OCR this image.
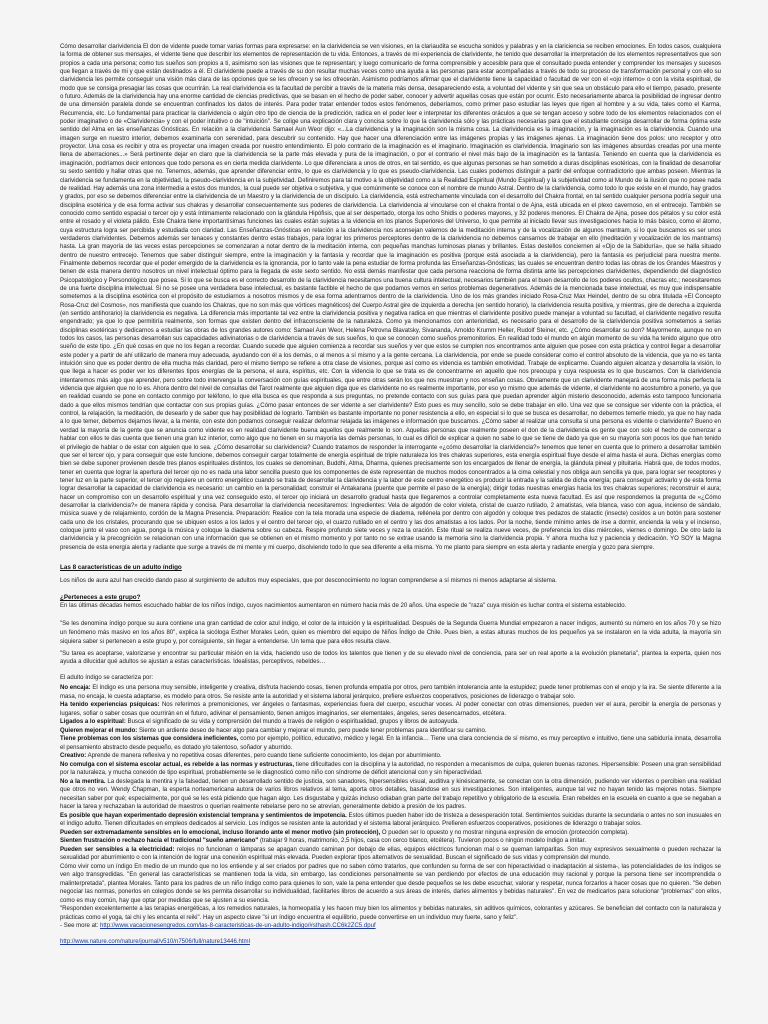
Cómo desarrollar clarividencia El don de vidente puede tomar varias formas para expresarse: en la clarividencia se ven visiones, en la clariaudita se escucha sonidos y palabras y en la clariciencia se reciben emociones. En todos casos, cualquiera la forma de obtener sus mensajes, el vidente tiene que describir los elementos de representación de tu vida. Entonces, a través de mi experiencia de clarividente, he tenido que desarrollar la interpretación de los elementos representativos que son propios a cada una persona; como tus sueños son propios a ti, asimismo son las visiones que te representan; y luego comunicarlo de forma comprensible y accesible para que el consultado pueda entender y comprender los mensajes y sucesos que llegan a través de mi y que están destinados a él. El clarividente puede a través de su don resultar muchas veces como una ayuda a las personas para estar acompañadas a través de todo su proceso de transformación personal y con ello su clarividencia les permite conseguir una visión más clara de las opciones que se les ofrecen y se les ofrecerán. Asimismo podríamos afirmar que el clarividente tiene la capacidad o facultad de ver con el «ojo interno» o con la visita espiritual, de modo que se consiga presagiar las cosas que ocurrirán. La real clarividencia es la facultad de percibir a través de la materia más densa, desapareciendo esta, a voluntad del vidente y sin que sea un obstáculo para ello el tiempo, pasado, presente o futuro. Además de la clarividencia hay una enorme cantidad de ciencias predictivas, que se basan en el hecho de poder saber, conocer y advertir aquellas cosas que están por ocurrir. Esto necesariamente abarca la posibilidad de ingresar dentro de una dimensión paralela donde se encuentran confinados los datos de interés. Para poder tratar entender todos estos fenómenos, deberíamos, como primer paso estudiar las leyes que rigen al hombre y a su vida, tales como el Karma, Recurrencia, etc. Lo fundamental para practicar la clarividencia o algún otro tipo de ciencia de la predicción, radica en el poder leer e interpretar los diferentes oráculos a que se tengan acceso y sobre todo de los elementos relacionados con el poder imaginativo o de «Clarividencia» y con el poder intuitivo o de "intuición". Se colige una explicación clara y concisa sobre lo que la clarividencia sólo y las prácticas necesarias para que el estudiante consiga desarrollar de forma óptima este sentido del Alma en las enseñanzas Gnósticas. En relación a la clarividencia Samael Aun Weor dijo: «...La clarividencia y la imaginación son la misma cosa. La clarividencia es la imaginación, y la imaginación es la clarividencia. Cuando una imagen surge en nuestro interior, debemos examinarla con serenidad, para descubrir su contenido. Hay que hacer una diferenciación entre las imágenes propias y las imágenes ajenas. La imaginación tiene dos polos: uno receptor y otro proyector. Una cosa es recibir y otra es proyectar una imagen creada por nuestro entendimiento. El polo contrario de la imaginación es el imaginario. Imaginación es clarividencia. Imaginario son las imágenes absurdas creadas por una mente llena de aberraciones...» Será pertinente dejar en claro que la clarividencia se la parte más elevada y pura de la imaginación, o por el contrario el nivel más bajo de la imaginación es la fantasía. Teniendo en cuenta que la clarividencia es imaginación, podríamos decir entonces que todo persona es en cierta medida clarividente. Lo que diferenciara a unos de otros, en tal sentido, es que algunas personas se han sometido a duras disciplinas esotéricas, con la finalidad de desarrollar su sexto sentido y hallar otras que no. Tenemos, además, que aprender diferenciar entre, lo que es clarividencia y lo que es pseudo-clarividencia. Las cuales podemos distinguir a partir del enfoque contradictorio que ambas poseen. Mientras la clarividencia se fundamenta en la objetividad, la pseudo-clarividencia en la subjetividad. Definiremos para tal motivo a la objetividad como a la Realidad Espiritual (Mundo Espiritual) y la subjetividad como al Mundo de la ilusión que no posee nada de realidad. Hay además una zona intermedia a estos dos mundos, la cual puede ser objetiva o subjetiva, y que comúnmente se conoce con el nombre de mundo Astral. Dentro de la clarividencia, como todo lo que existe en el mundo, hay grados y grados, por eso se debemos diferenciar entre la clarividencia de un Maestro y la clarividencia de un discípulo. La clarividencia, está estrechamente vinculada con el desarrollo del Chakra frontal, en tal sentido cualquier persona podría seguir una disciplina esotérica y de esa forma activar sus chakras y desarrollar consecuentemente sus poderes de clarividencia. La clarividencia al vincularse con el chakra frontal o de Ajna, está ubicada en el plexo cavernoso, en el entrecejo. También se conocido como sentido espacial o tercer ojo y está íntimamente relacionado con la glándula Hipófisis, que al ser despertado, otorga los ocho Shidis o poderes mayores, y 32 poderes menores. El Chakra de Ajna, posee dos pétalos y su color está entre el rosado y el violeta pálido. Este Chakra tiene importantísimas funciones las cuales están sujetas a la videncia en los planos Superiores del Universo, lo que permite al iniciado llevar sus investigaciones hacia lo más básico, como el átomo, cuya estructura logra ser percibida y estudiada con claridad. Las Enseñanzas-Gnósticas en relación a la clarividencia nos aconsejan valernos de la meditación interna y de la vocalización de algunos mantram, si lo que buscamos es ser unos verdaderos clarividentes. Debemos además ser tenaces y constantes dentro estas trabajos, para lograr los primeros perceptores dentro de la clarividencia no debemos cansarnos de trabajar en ello (meditación y vocalización de los mantrams) hasta. La gran mayoría de las veces estas percepciones se comenzaran a notar dentro de la meditación interna, con pequeñas manchas luminosas planas y brillantes. Estas destellos conciernen al «Ojo de la Sabiduría», que se halla situado dentro de nuestro entrecejo. Tenemos que saber distinguir siempre, entre la imaginación y la fantasía y recordar que la imaginación es positiva (porque está asociada a la clarividencia), pero la fantasía es perjudicial para nuestra mente. Finalmente debemos recordar que el poder emergido de la clarividencia es la ignorancia, por lo tanto vale la pena estudiar de forma profunda las Enseñanzas-Gnósticas; las cuales se encuentran dentro todas las obras de los Grandes Maestros y tienen de esta manera dentro nosotros un nivel intelectual óptimo para la llegada de este sexto sentido. No está demás manifestar que cada persona reacciona de forma distinta ante las percepciones clarividentes, dependiendo del diagnóstico Psicopatológico y Personológico que posea. Si lo que se busca es el correcto desarrollo de la clarividencia necesitamos una buena cultura intelectual, necesarios también para el buen desarrollo de los poderes ocultos, chacras etc.; necesitaremos de una fuerte disciplina intelectual. Si no se posee una verdadera base intelectual, es bastante factible el hecho de que podamos vernos en serios problemas degenerativos. Además de la mencionada base intelectual, es muy que indispensable sometemos a la disciplina esotérica con el propósito de estudiarnos a nosotros mismos y de esa forma adentrarnos dentro de la clarividencia. Uno de los más grandes iniciado Rosa-Cruz Max Heindel, dentro de su obra titulada «El Concepto Rosa-Cruz del Cosmos», nos manifiesta que cuando los Chakras, que no son más que vórtices magnéticos) del Cuerpo Astral gire de izquierda a derecha (en sentido horario), la clarividencia resulta positiva, y mientras, gire de derecha a izquierda (en sentido antihorario) la clarividencia es negativa. La diferencia más importante tal vez entre la clarividencia positiva y negativa radica en que mientras el clarividente positivo puede manejar a voluntad su facultad, el clarividente negativo resulta engendrado; ya que lo que permitiría realmente, son formas que existen dentro del infraconsciente de la naturaleza. Como ya mencionamos con anterioridad, es necesario para el desarrollo de la clarividencia positiva sometemos a serias disciplinas esotéricas y dedicarnos a estudiar las obras de los grandes autores como: Samael Aun Weor, Helena Petrovna Blavatsky, Sivananda, Arnoldo Krumm Heller, Rudolf Steiner, etc. ¿Cómo desarrollar su don? Mayormente, aunque no en todos los casos, las personas desarrollan sus capacidades adivinatorias o de clarividencia a través de sus sueños, lo que se conocen como sueños premonitorios. En realidad todo el mundo en algún momento de su vida ha tenido alguno que otro sueño de este tipo. ¿En qué cosas en que no los llegan a recordar. Cuando sucede que alguien comienza a recordar sus sueños y ver que estos se cumplen nos encontramos ante alguien que posee con esta práctica y control llegar a desarrollar este poder y a partir de ahí utilizarlo de manera muy adecuada, ayudando con él a los demás, o al menos a sí mismo y a la gente cercana. La clarividencia, por ende se puede considerar como el control absoluto de la videncia, que ya no es tanta intuición sino que es poder dentro de ella mucha más claridad, pero el mismo tiempo se refiere a otra clase de visiones, porque así como es videncia es también emotividad. Trabaje de explicarme. Cuando alguien alcanza y desarrolla la visión, lo que llega a hacer es poder ver los diferentes tipos energías de la persona, el aura, espíritus, etc. Con la videncia lo que se trata es de concentrarme en aquello que nos preocupa y cuya respuesta es lo que buscamos. Con la clarividencia intentaremos más algo que aprender, pero sobre todo intervenga la conversación con guías espirituales, que entre otras serán los que nos muestran y nos enseñan cosas. Obviamente que un clarividente manejará de una forma más perfecta la videncia que alguien que no lo es. Ahora dentro del nivel de consultas del Tarot realmente que alguien diga que es clarividente no es realmente importante, por eso yo mismo que además de vidente, el clarividente no acostumbro a ponerlo, ya que en realidad cuando se pone en contacto conmigo por teléfono, lo que ella busca es que responda a sus preguntas, no pretende contacto con sus guías para que puedan aprender algún misterio desconocido, además esto tampoco funcionaria dado a que ellos mismos tendrían que contactar con sus propias guías. ¿Cómo pasar entonces de ser vidente a ser clarividente? Esto pues es muy sencillo, solo se debe trabajar en ello. Una vez que se consigue ser vidente con la práctica, el control, la relajación, la meditación, de desearlo y de saber que hay posibilidad de lograrlo. También es bastante importante no poner resistencia a ello, en especial si lo que se busca es desarrollar, no debemos temerle miedo, ya que no hay nada a lo que temer, debemos dejarnos llevar, a la mente, con este don podamos conseguir realizar deformar relajada las imágenes e información que buscamos. ¿Cómo saber al realizar una consulta si una persona es vidente o clarividente? Bueno en verdad la mayoría de la gente que se anuncia como vidente es en realidad clarividente buena aquellos que realmente lo son. Aquellas personas que realmente poseen el don de la clarividencia es gente que con solo el hecho de comenzar a hablar con ellos te das cuenta que tienen una gran luz interior, como algo que no tienen en su mayoría las demás personas, lo cual es difícil de explicar a quien no sabe lo que se tiene de dado ya que en su mayoría son pocos los que han tenido el privilegio de hablar o de estar con alguien que lo sea. ¿Cómo desarrollar su clarividencia? Cuando tratamos de responder la interrogante «¿cómo desarrollar la clarividencia?» tenemos que tener en cuenta que lo primero a desarrollar también que ser el tercer ojo, y para conseguir que este funcione, debemos conseguir cargar totalmente de energía espiritual de triple naturaleza los tres chakras superiores, esta energía espiritual fluye desde el alma hasta el aura. Dichas energías como bien se debe suponer provienen desde tres planos espirituales distintos, los cuales se denominan, Buddhi, Atma, Dharma, quienes precisamente son los encargados de llenar de energía, la glándula pineal y pituitaria. Habrá que, de todos modos, tener en cuenta que lograr la apertura del tercer ojo no es nada una labor sencilla puesto que los componentes de éste representan de muchos modos concentrados a la cima celestial y nos obliga aun sencilla ya que, para lograr ser receptores y tener luz en la parte superior, el tercer ojo requiere un centro energético cuando se trata de desarrollar la clarividencia y la labor de este centro energético es producir la entrada y la salida de dicha energía; para conseguir activarlo y de esta forma lograr desarrollar la capacidad de clarividencia es necesario: un cambio en la personalidad; construir el Antakarana (puente que permite el paso de la energía); dirigir todas nuestras energías hacia los tres chakras superiores; reconstruir el aura; hacer un compromiso con un desarrollo espiritual y una vez conseguido esto, el tercer ojo iniciará un desarrollo gradual hasta que llegaremos a controlar completamente esta nueva facultad. Es así que respondemos la pregunta de «¿Cómo desarrollar la clarividencia?» de manera rápida y concisa. Para desarrollar la clarividencia necesitaremos: Ingredientes: Vela de algodón de color violeta, cristal de cuarzo rutilado, 2 amatistas, vela blanca, vaso con agua, incienso de sándalo, música suave y de relajamiento, cordón de la Magna Presencia. Preparación: Realice con la tela morada una especie de diadema, rellénela por dentro con algodón y coloque tres pedazos de stalactic (insecte) cosídos a un botón para sostener cada uno de los cristales, procurando que se ubiquen estos a los lados y el centro del tercer ojo, el cuarzo rutilado en el centro y las dos amatistas a los lados. Por la noche, tiende mínimo antes de irse a dormir, encienda la vela y el incienso, coloque junto el vaso con agua, ponga la música y coloque la diadema sobre su cabeza. Respire profundo siete veces y reza la oración. Este ritual se realiza nueve veces, de preferencia los días miércoles, viernes o domingo. De otro lado la clarividencia y la precognición se relacionan con una información que se obtienen en el mismo momento y por tanto no se extrae usando la memoria sino la clarividencia propia. Y ahora mucha luz y paciencia y dedicación. YO SOY la Magna presencia de esta energía alerta y radiante que surge a través de mi mente y mi cuerpo, disolviendo todo lo que sea diferente a ella misma. Yo me planto para siempre en esta alerta y radiante energía y gozo para siempre.

Las 8 características de un adulto índigo

Los niños de aura azul han crecido dando paso al surgimiento de adultos muy especiales, que por desconocimiento no logran comprenderse a sí mismos ni menos adaptarse al sistema.

¿Perteneces a este grupo?

En las últimas décadas hemos escuchado hablar de los niños índigo, cuyos nacimientos aumentaron en número hacia más de 20 años. Una especie de "raza" cuya misión es luchar contra el sistema establecido.

"Se les denomina índigo porque su aura contiene una gran cantidad de color azul índigo, el color de la intuición y la espiritualidad. Después de la Segunda Guerra Mundial empezaron a nacer índigos, aumentó su número en los años 70 y se hizo un fenómeno más masivo en los años 80", explica la sicóloga Esther Morales León, quien es miembro del equipo de Niños Índigo de Chile. Pues bien, a estas alturas muchos de los pequeños ya se instalaron en la vida adulta, la mayoría sin siquiera saber si pertenecen a este grupo y, por consiguiente, sin llegar a entenderse. Un tema que para ellos resulta clave.

"Su tarea es aceptarse, valorizarse y encontrar su particular misión en la vida, haciendo uso de todos los talentos que tienen y de su elevado nivel de conciencia, para ser un real aporte a la evolución planetaria", plantea la experta, quien nos ayuda a dilucidar qué adultos se ajustan a estas características. Idealistas, perceptivos, rebeldes…

El adulto índigo se caracteriza por:

No encaja: El índigo es una persona muy sensible, inteligente y creativa, disfruta haciendo cosas, tienen profunda empatía por otros, pero también intolerancia ante la estupidez; puede tener problemas con el enojo y la ira. Se siente diferente a la masa, no encaja, le cuesta adaptarse, es modelo para otros. Se resiste ante la autoridad y el sistema laboral jerárquico, prefiere esfuerzos cooperativos, posiciones de liderazgo o trabajar solo.

Ha tenido experiencias psíquicas: Nos referimos a premoniciones, ver ángeles o fantasmas, experiencias fuera del cuerpo, escuchar voces. Al poder conectar con otras dimensiones, pueden ver el aura, percibir la energía de personas y lugares, sofiar o saber cosas que ocurrirán en el futuro, adivinar el pensamiento, tienen amigos imaginarios, ser elementales, ángeles, seres desencarnados, etcétera.

Ligados a lo espiritual: Busca el significado de su vida y comprensión del mundo a través de religión o espiritualidad, grupos y libros de autoayuda.

Quieren mejorar el mundo: Siente un ardiente deseo de hacer algo para cambiar y mejorar el mundo, pero puede tener problemas para identificar su camino.

Tiene problemas con los sistemas que considera ineficientes, como por ejemplo, político, educativo, médico y legal. En la infancia… Tiene una clara conciencia de sí mismo, es muy perceptivo e intuitivo, tiene una sabiduría innata, desarrolla el pensamiento abstracto desde pequeño, es dotado y/o talentoso, soñador y aburrido.

Creativo: Aprende de manera reflexiva y no repetitiva cosas diferentes, pero cuando tiene suficiente conocimiento, los dejan por aburrimiento.

No comulga con el sistema escolar actual, es rebelde a las normas y estructuras, tiene dificultades con la disciplina y la autoridad, no responden a mecanismos de culpa, quieren buenas razones. Hipersensible: Poseen una gran sensibilidad por la naturaleza, y mucha conexión de tipo espiritual, probablemente se le diagnosticó como niño con síndrome de déficit atencional con y sin hiperactividad.

No a la mentira. La deslegada la mentira y la falsedad, tienen un desarrollado sentido de justicia, son sanadores, hipersensibles visual, auditiva y kinésicamente, se conectan con la otra dimensión, pudiendo ver videntes o percibien una realidad que otros no ven. Wendy Chapman, la esperta norteamericana autora de varios libros relativos al tema, aporta otros detalles, basándose en sus investigaciones. Son inteligentes, aunque tal vez no hayan tenido las mejores notas. Siempre necesitan saber por qué; especialmente, por qué se les está pidiendo que hagan algo. Les disgustaba y quizás incluso odiaban gran parte del trabajo repetitivo y obligatorio de la escuela. Eran rebeldes en la escuela en cuanto a que se negaban a hacer la tarea y rechazaban la autoridad de maestros o querían realmente rebelarse pero no se atrevían, generalmente debido a presión de los padres.

Es posible que hayan experimentado depresión existencial temprana y sentimientos de impotencia. Estos últimos pueden haber ido de tristeza a desesperación total. Sentimientos suicidas durante la secundaria o antes no son inusuales en el índigo adulto. Tienen dificultades en empleos dedicados al servicio. Los índigos se resisten ante la autoridad y el sistema laboral jerárquico. Prefieren esfuerzos cooperativos, posiciones de liderazgo o trabajar solos.

Pueden ser extremadamente sensibles en lo emocional, incluso llorando ante el menor motivo (sin protección), O pueden ser lo opuesto y no mostrar ninguna expresión de emoción (protección completa).

Sienten frustración o rechazo hacia el tradicional "sueño americano" (trabajar 9 horas, matrimonio, 2,5 hijos, casa con cerco blanco, etcétera). Tuvieron pocos o ningún modelo índigo a imitar.

Pueden ser sensibles a la electricidad: relojes no funcionan o lámparas se apagan cuando caminan por debajo de ellas, equipos eléctricos funcionan mal o se queman lamparitas. Son muy expresivos sexualmente o pueden rechazar la sexualidad por aburrimiento o con la intención de lograr una conexión espiritual más elevada. Pueden explorar tipos alternativos de sexualidad. Buscan el significado de sus vidas y comprensión del mundo.

Cómo vivir como un índigo En medio de un mundo que no los entiende y al ser criados por padres que no saben cómo tratarlos, que confunden su forma de ser con hiperactividad o inadaptación al sistema-, las potencialidades de los índigos se ven algo transgredidas. "En general las características se mantienen toda la vida, sin embargo, las condiciones personalmente se van perdiendo por efectos de una educación muy racional y porque la persona tiene ser incomprendida o malinterpretada", plantea Morales. Tanto para los padres de un niño índigo como para quienes lo son, vale la pena entender que desde pequeños se les debe escuchar, valorar y respetar, nunca forzarlos a hacer cosas que no quieren. "Se deben negociar las normas, ponerlos en colegios donde se les permita desarrollar su individualidad, facilitarles libros de acuerdo a sus áreas de interés, darles alimentos y bebidas naturales". En vez de medicarlos para solucionar "problemas" con ellos, como es muy común, hay que optar por medidas que se ajusten a su esencia.

"Responden excelentemente a las terapias energéticas, a los remedios naturales, la homeopatía y les hacen muy bien los alimentos y bebidas naturales, sin aditivos químicos, colorantes y azúcares. Se benefician del contacto con la naturaleza y prácticas como el yoga, tai chi y les encanta el reiki". Hay un aspecto clave "si un índigo encuentra el equilibrio, puede convertirse en un individuo muy fuerte, sano y feliz".

- See more at: http://www.vacacionesengredos.com/las-8-caracteristicas-de-un-adulto-indigo/#sthash.CC6k2ZC5.dpuf

http://www.nature.com/nature/journal/v510/n7506/full/nature13446.html
